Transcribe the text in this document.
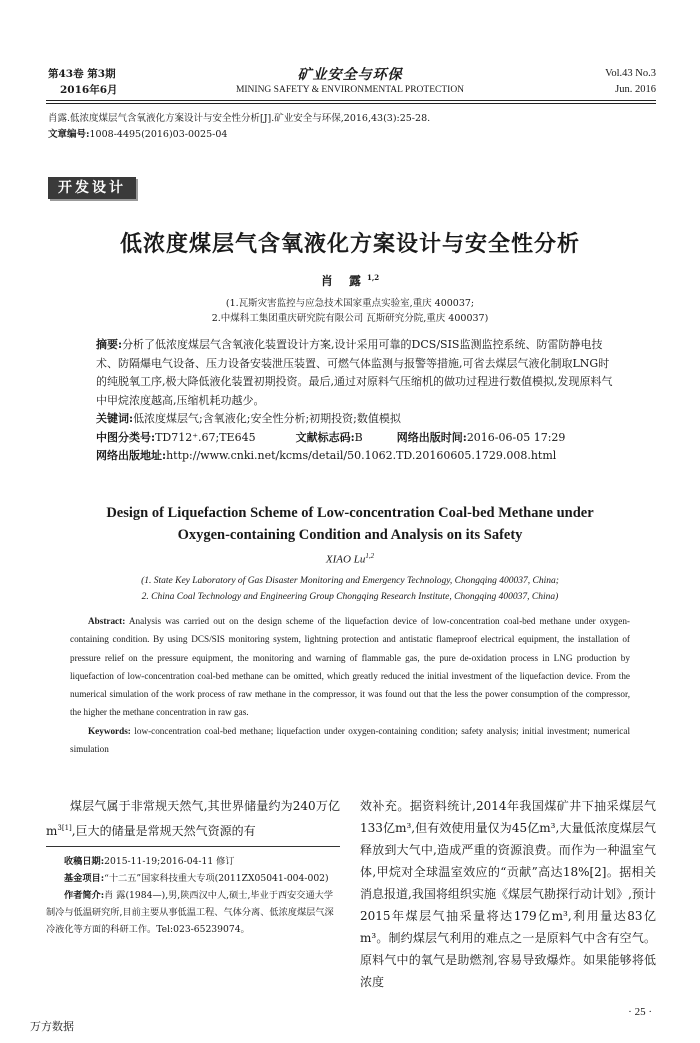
第43卷 第3期
2016年6月
矿业安全与环保
MINING SAFETY & ENVIRONMENTAL PROTECTION
Vol.43 No.3
Jun. 2016
肖露.低浓度煤层气含氧液化方案设计与安全性分析[J].矿业安全与环保,2016,43(3):25-28.
文章编号:1008-4495(2016)03-0025-04
开发设计
低浓度煤层气含氧液化方案设计与安全性分析
肖 露$^{1,2}$
(1.瓦斯灾害监控与应急技术国家重点实验室,重庆 400037;
2.中煤科工集团重庆研究院有限公司 瓦斯研究分院,重庆 400037)

摘要:分析了低浓度煤层气含氧液化装置设计方案,设计采用可靠的DCS/SIS监测监控系统、防雷防静电技术、防隔爆电气设备、压力设备安装泄压装置、可燃气体监测与报警等措施,可省去煤层气液化制取LNG时的纯脱氧工序,极大降低液化装置初期投资。最后,通过对原料气压缩机的做功过程进行数值模拟,发现原料气中甲烷浓度越高,压缩机耗功越少。

关键词:低浓度煤层气;含氧液化;安全性分析;初期投资;数值模拟

中图分类号:TD712⁺.67;TE645	文献标志码:B	网络出版时间:2016-06-05 17:29

网络出版地址:http://www.cnki.net/kcms/detail/50.1062.TD.20160605.1729.008.html

Design of Liquefaction Scheme of Low-concentration Coal-bed Methane under Oxygen-containing Condition and Analysis on its Safety
XIAO Lu$^{1,2}$
(1. State Key Laboratory of Gas Disaster Monitoring and Emergency Technology, Chongqing 400037, China;
2. China Coal Technology and Engineering Group Chongqing Research Institute, Chongqing 400037, China)

Abstract: Analysis was carried out on the design scheme of the liquefaction device of low-concentration coal-bed methane under oxygen-containing condition. By using DCS/SIS monitoring system, lightning protection and antistatic flameproof electrical equipment, the installation of pressure relief on the pressure equipment, the monitoring and warning of flammable gas, the pure de-oxidation process in LNG production by liquefaction of low-concentration coal-bed methane can be omitted, which greatly reduced the initial investment of the liquefaction device. From the numerical simulation of the work process of raw methane in the compressor, it was found out that the less the power consumption of the compressor, the higher the methane concentration in raw gas.

Keywords: low-concentration coal-bed methane; liquefaction under oxygen-containing condition; safety analysis; initial investment; numerical simulation

煤层气属于非常规天然气,其世界储量约为240万亿 $m^{3[1]}$,巨大的储量是常规天然气资源的有

收稿日期:2015-11-19;2016-04-11 修订

基金项目:“十二五”国家科技重大专项(2011ZX05041-004-002)

作者简介:肖 露(1984—),男,陕西汉中人,硕士,毕业于西安交通大学制冷与低温研究所,目前主要从事低温工程、气体分离、低浓度煤层气深冷液化等方面的科研工作。Tel:023-65239074。

效补充。据资料统计,2014年我国煤矿井下抽采煤层气133亿m³,但有效使用量仅为45亿m³,大量低浓度煤层气释放到大气中,造成严重的资源浪费。而作为一种温室气体,甲烷对全球温室效应的“贡献”高达18%[2]。据相关消息报道,我国将组织实施《煤层气勘探行动计划》,预计2015年煤层气抽采量将达179亿m³,利用量达83亿m³。制约煤层气利用的难点之一是原料气中含有空气。原料气中的氧气是助燃剂,容易导致爆炸。如果能够将低浓度

· 25 ·
万方数据
